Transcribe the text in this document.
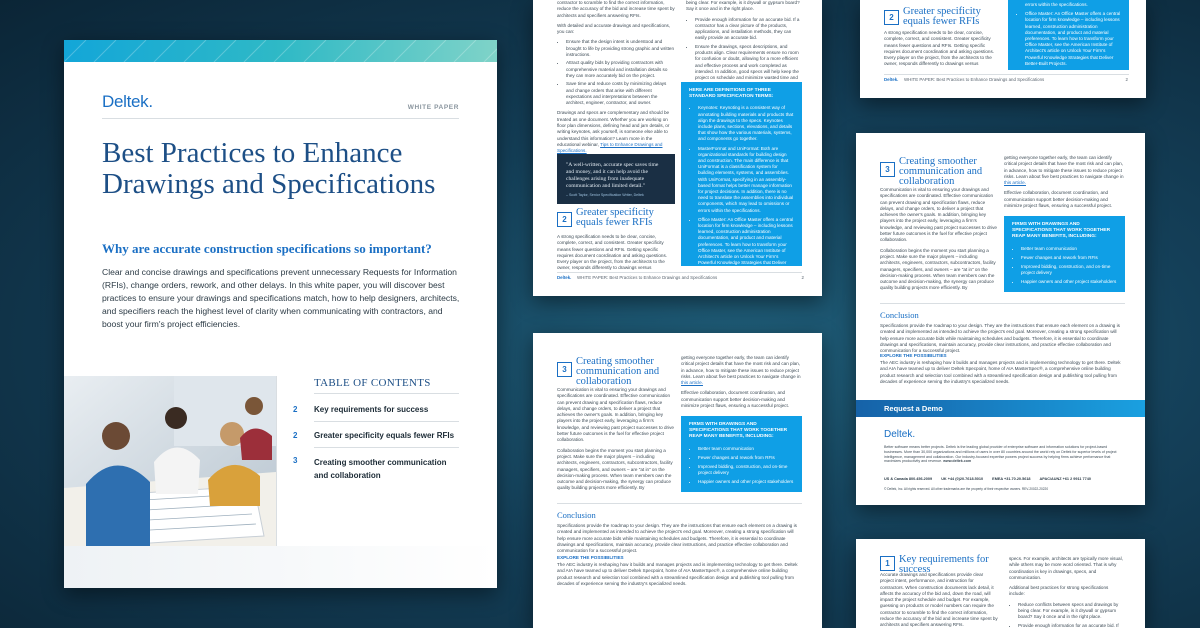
Deltek.	WHITE PAPER
Best Practices to Enhance Drawings and Specifications
Why are accurate construction specifications so important?
Clear and concise drawings and specifications prevent unnecessary Requests for Information (RFIs), change orders, rework, and other delays. In this white paper, you will discover best practices to ensure your drawings and specifications match, how to help designers, architects, and specifiers reach the highest level of clarity when communicating with contractors, and boost your firm's project efficiencies.
TABLE OF CONTENTS
2 Key requirements for success
2 Greater specificity equals fewer RFIs
3 Creating smoother communication and collaboration

contractor to scramble to find the correct information, reduce the accuracy of the bid and increase time spent by architects and specifiers answering RFIs.

With detailed and accurate drawings and specifications, you can:

• Ensure that the design intent is understood and brought to life by providing strong graphic and written instructions.
• Attract quality bids by providing contractors with comprehensive material and installation details so they can more accurately bid on the project.
• Save time and reduce costs by minimizing delays and change orders that arise with different expectations and interpretations between the architect, engineer, contractor, and owner.

Drawings and specs are complementary and should be treated as one document. Whether you are working on floor plan dimensions, defining head and jam details, or writing keynotes, ask yourself, is someone else able to understand this information? Learn more in the educational webinar, Tips to Enhance Drawings and Specifications.

"A well-written, accurate spec saves time and money, and it can help avoid the challenges arising from inadequate communication and limited detail."
– Scott Taylor, Senior Specification Writer, Deltek
2
Greater specificity equals fewer RFIs
A strong specification needs to be clear, concise, complete, correct, and consistent. Greater specificity means fewer questions and RFIs. Getting specific requires document coordination and asking questions. Every player on the project, from the architects to the owner, responds differently to drawings versus

being clear. For example, is it drywall or gypsum board? Say it once and in the right place.

• Provide enough information for an accurate bid. If a contractor has a clear picture of the products, applications, and installation methods, they can easily provide an accurate bid.
• Ensure the drawings, specs descriptions, and products align. Clear requirements ensure no room for confusion or doubt, allowing for a more efficient and effective process and work completed as intended. In addition, good specs will help keep the project on schedule and minimize wasted time and
HERE ARE DEFINITIONS OF THREE STANDARD SPECIFICATION TERMS:
• Keynotes: Keynoting is a consistent way of annotating building materials and products that align the drawings to the specs. Keynotes include plans, sections, elevations, and details that show how the various materials, systems, and components go together.
• MasterFormat and UniFormat: Both are organizational standards for building design and construction. The main difference is that UniFormat is a classification system for building elements, systems, and assemblies. With UniFormat, specifying in an assembly-based format helps better manage information for project decisions. In addition, there is no need to translate the assemblies into individual components, which may lead to omissions or errors within the specifications.
• Office Master: An Office Master offers a central location for firm knowledge – including lessons learned, construction administration documentation, and product and material preferences. To learn how to transform your Office Master, see the American Institute of Architect's article on Unlock Your Firm's Powerful Knowledge Strategies that Deliver Better-Built Projects.
Deltek. WHITE PAPER: Best Practices to Enhance Drawings and Specifications	2
2
Greater specificity equals fewer RFIs
A strong specification needs to be clear, concise, complete, correct, and consistent. Greater specificity means fewer questions and RFIs. Getting specific requires document coordination and asking questions. Every player on the project, from the architects to the owner, responds differently to drawings versus
errors within the specifications.
• Office Master: An Office Master offers a central location for firm knowledge – including lessons learned, construction administration documentation, and product and material preferences. To learn how to transform your Office Master, see the American Institute of Architect's article on Unlock Your Firm's Powerful Knowledge Strategies that Deliver Better-Built Projects.
Deltek. WHITE PAPER: Best Practices to Enhance Drawings and Specifications	2
3
Creating smoother communication and collaboration

Communication is vital to ensuring your drawings and specifications are coordinated. Effective communication can prevent drawing and specification flaws, reduce delays, and change orders, to deliver a project that achieves the owner's goals. In addition, bringing key players into the project early, leveraging a firm's knowledge, and reviewing past project successes to drive better future outcomes is the fuel for effective project collaboration.

Collaboration begins the moment you start planning a project. Make sure the major players – including architects, engineers, contractors, subcontractors, facility managers, specifiers, and owners – are "at in" on the decision-making process. When team members own the outcome and decision-making, the synergy can produce quality building projects more efficiently. By

getting everyone together early, the team can identify critical project details that have the most risk and can plan, in advance, how to mitigate these issues to reduce project risks. Learn about five best practices to navigate change in this article.

Effective collaboration, document coordination, and communication support better decision-making and minimize project flaws, ensuring a successful project.

FIRMS WITH DRAWINGS AND SPECIFICATIONS THAT WORK TOGETHER REAP MANY BENEFITS, INCLUDING:
• Better team communication
• Fewer changes and rework from RFIs
• Improved bidding, construction, and on-time project delivery
• Happier owners and other project stakeholders
Conclusion
Specifications provide the roadmap to your design. They are the instructions that ensure each element on a drawing is created and implemented as intended to achieve the project's end goal. Moreover, creating a strong specification will help ensure more accurate bids while maintaining schedules and budgets. Therefore, it is essential to coordinate drawings and specifications, maintain accuracy, provide clear instructions, and practice effective collaboration and communication for a successful project.
EXPLORE THE POSSIBILITIES
The AEC industry is reshaping how it builds and manages projects and is implementing technology to get there. Deltek and AIA have teamed up to deliver Deltek Specpoint, home of AIA MasterSpec®, a comprehensive online building product research and selection tool combined with a streamlined specification design and publishing tool pulling from decades of experience serving the industry's specialized needs.
3
Creating smoother communication and collaboration

Communication is vital to ensuring your drawings and specifications are coordinated. Effective communication can prevent drawing and specification flaws, reduce delays, and change orders, to deliver a project that achieves the owner's goals. In addition, bringing key players into the project early, leveraging a firm's knowledge, and reviewing past project successes to drive better future outcomes is the fuel for effective project collaboration.

Collaboration begins the moment you start planning a project. Make sure the major players – including architects, engineers, contractors, subcontractors, facility managers, specifiers, and owners – are "at in" on the decision-making process. When team members own the outcome and decision-making, the synergy can produce quality building projects more efficiently. By

getting everyone together early, the team can identify critical project details that have the most risk and can plan, in advance, how to mitigate these issues to reduce project risks. Learn about five best practices to navigate change in this article.

Effective collaboration, document coordination, and communication support better decision-making and minimize project flaws, ensuring a successful project.

FIRMS WITH DRAWINGS AND SPECIFICATIONS THAT WORK TOGETHER REAP MANY BENEFITS, INCLUDING:
• Better team communication
• Fewer changes and rework from RFIs
• Improved bidding, construction, and on-time project delivery
• Happier owners and other project stakeholders
Conclusion
Specifications provide the roadmap to your design. They are the instructions that ensure each element on a drawing is created and implemented as intended to achieve the project's end goal. Moreover, creating a strong specification will help ensure more accurate bids while maintaining schedules and budgets. Therefore, it is essential to coordinate drawings and specifications, maintain accuracy, provide clear instructions, and practice effective collaboration and communication for a successful project.
EXPLORE THE POSSIBILITIES
The AEC industry is reshaping how it builds and manages projects and is implementing technology to get there. Deltek and AIA have teamed up to deliver Deltek Specpoint, home of AIA MasterSpec®, a comprehensive online building product research and selection tool combined with a streamlined specification design and publishing tool pulling from decades of experience serving the industry's specialized needs.
Request a Demo
Deltek.
Better software means better projects. Deltek is the leading global provider of enterprise software and information solutions for project-based businesses. More than 30,000 organizations and millions of users in over 80 countries around the world rely on Deltek for superior levels of project intelligence, management and collaboration. Our industry-focused expertise powers project success by helping firms achieve performance that maximizes productivity and revenue. www.deltek.com
US & Canada 800.456.2009 UK +44 (0)20.7618.5010 EMEA +31.70.20.5618 APAC/AUNZ +61 2 9911 7740
© Deltek, Inc. All rights reserved. All other trademarks are the property of their respective owners. REV-20022-20220
1 Key requirements for success
Accurate drawings and specifications provide clear project intent, performance, and instruction for contractors. When construction documents lack detail, it affects the accuracy of the bid and, down the road, will impact the project schedule and budget. For example, guessing on products or model numbers can require the contractor to scramble to find the correct information, reduce the accuracy of the bid and increase time spent by architects and specifiers answering RFIs.

specs. For example, architects are typically more visual, while others may be more word oriented. That is why coordination is key in drawings, specs, and communication.

Additional best practices for strong specifications include:

• Reduce conflicts between specs and drawings by being clear. For example, is it drywall or gypsum board? Say it once and in the right place.
• Provide enough information for an accurate bid. If
